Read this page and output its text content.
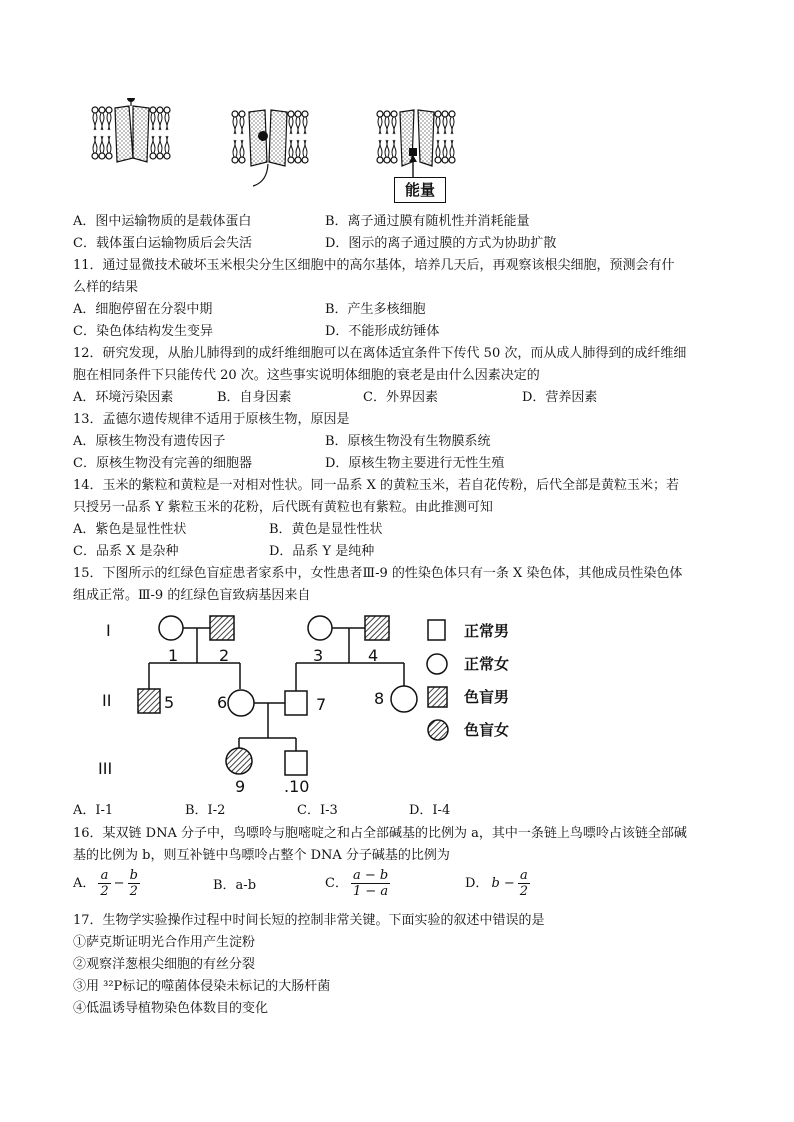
能量
A．图中运输物质的是载体蛋白	B．离子通过膜有随机性并消耗能量
C．载体蛋白运输物质后会失活	D．图示的离子通过膜的方式为协助扩散
11．通过显微技术破坏玉米根尖分生区细胞中的高尔基体，培养几天后，再观察该根尖细胞，预测会有什
么样的结果
A．细胞停留在分裂中期	B．产生多核细胞
C．染色体结构发生变异	D．不能形成纺锤体
12．研究发现，从胎儿肺得到的成纤维细胞可以在离体适宜条件下传代 50 次，而从成人肺得到的成纤维细
胞在相同条件下只能传代 20 次。这些事实说明体细胞的衰老是由什么因素决定的
A．环境污染因素	B．自身因素	C．外界因素	D．营养因素
13．孟德尔遗传规律不适用于原核生物，原因是
A．原核生物没有遗传因子	B．原核生物没有生物膜系统
C．原核生物没有完善的细胞器	D．原核生物主要进行无性生殖
14．玉米的紫粒和黄粒是一对相对性状。同一品系 X 的黄粒玉米，若自花传粉，后代全部是黄粒玉米；若
只授另一品系 Y 紫粒玉米的花粉，后代既有黄粒也有紫粒。由此推测可知
A．紫色是显性性状	B．黄色是显性性状
C．品系 X 是杂种	D．品系 Y 是纯种
15．下图所示的红绿色盲症患者家系中，女性患者Ⅲ-9 的性染色体只有一条 X 染色体，其他成员性染色体
组成正常。Ⅲ-9 的红绿色盲致病基因来自
I
II
III
1	2	3	4
5	6	7	8
9 .10
正常男
正常女
色盲男
色盲女
A．I-1	B．I-2	C．I-3	D．I-4
16．某双链 DNA 分子中，鸟嘌呤与胞嘧啶之和占全部碱基的比例为 a，其中一条链上鸟嘌呤占该链全部碱
基的比例为 b，则互补链中鸟嘌呤占整个 DNA 分子碱基的比例为
A． $\frac{a}{2} - \frac{b}{2}$	B．a-b	C． $\frac{a - b}{1 - a}$	D． $b - \frac{a}{2}$
17．生物学实验操作过程中时间长短的控制非常关键。下面实验的叙述中错误的是
①萨克斯证明光合作用产生淀粉
②观察洋葱根尖细胞的有丝分裂
③用 ³²P标记的噬菌体侵染未标记的大肠杆菌
④低温诱导植物染色体数目的变化
